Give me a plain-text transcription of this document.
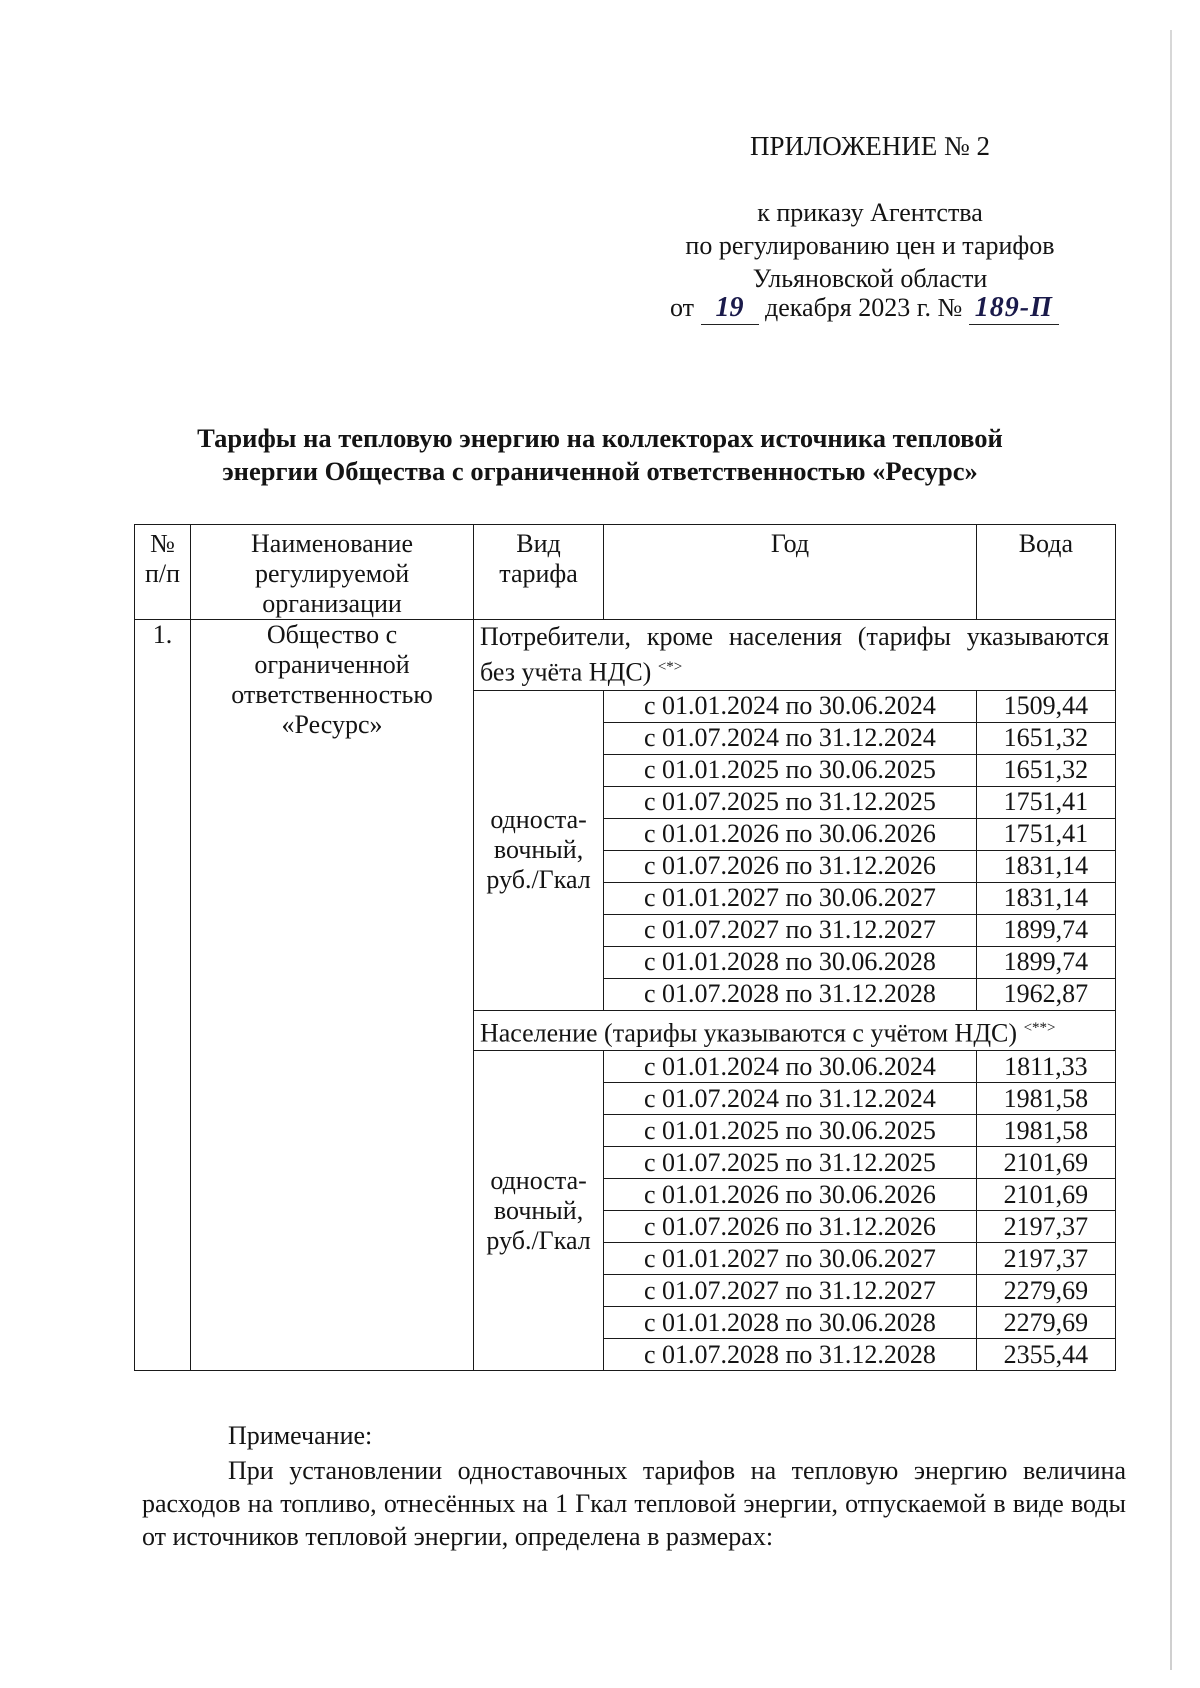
ПРИЛОЖЕНИЕ № 2
к приказу Агентства
по регулированию цен и тарифов
Ульяновской области
от 19 декабря 2023 г. № 189-П
Тарифы на тепловую энергию на коллекторах источника тепловой
энергии Общества с ограниченной ответственностью «Ресурс»
№ п/п	Наименование регулируемой организации	Вид тарифа	Год	Вода
1.	Общество с ограниченной ответственностью «Ресурс»	Потребители, кроме населения (тарифы указываются без учёта НДС) <*>
		односта-вочный, руб./Гкал	с 01.01.2024 по 30.06.2024	1509,44
			с 01.07.2024 по 31.12.2024	1651,32
			с 01.01.2025 по 30.06.2025	1651,32
			с 01.07.2025 по 31.12.2025	1751,41
			с 01.01.2026 по 30.06.2026	1751,41
			с 01.07.2026 по 31.12.2026	1831,14
			с 01.01.2027 по 30.06.2027	1831,14
			с 01.07.2027 по 31.12.2027	1899,74
			с 01.01.2028 по 30.06.2028	1899,74
			с 01.07.2028 по 31.12.2028	1962,87
		Население (тарифы указываются с учётом НДС) <**>
		односта-вочный, руб./Гкал	с 01.01.2024 по 30.06.2024	1811,33
			с 01.07.2024 по 31.12.2024	1981,58
			с 01.01.2025 по 30.06.2025	1981,58
			с 01.07.2025 по 31.12.2025	2101,69
			с 01.01.2026 по 30.06.2026	2101,69
			с 01.07.2026 по 31.12.2026	2197,37
			с 01.01.2027 по 30.06.2027	2197,37
			с 01.07.2027 по 31.12.2027	2279,69
			с 01.01.2028 по 30.06.2028	2279,69
			с 01.07.2028 по 31.12.2028	2355,44
Примечание:
При установлении одноставочных тарифов на тепловую энергию величина расходов на топливо, отнесённых на 1 Гкал тепловой энергии, отпускаемой в виде воды от источников тепловой энергии, определена в размерах:
